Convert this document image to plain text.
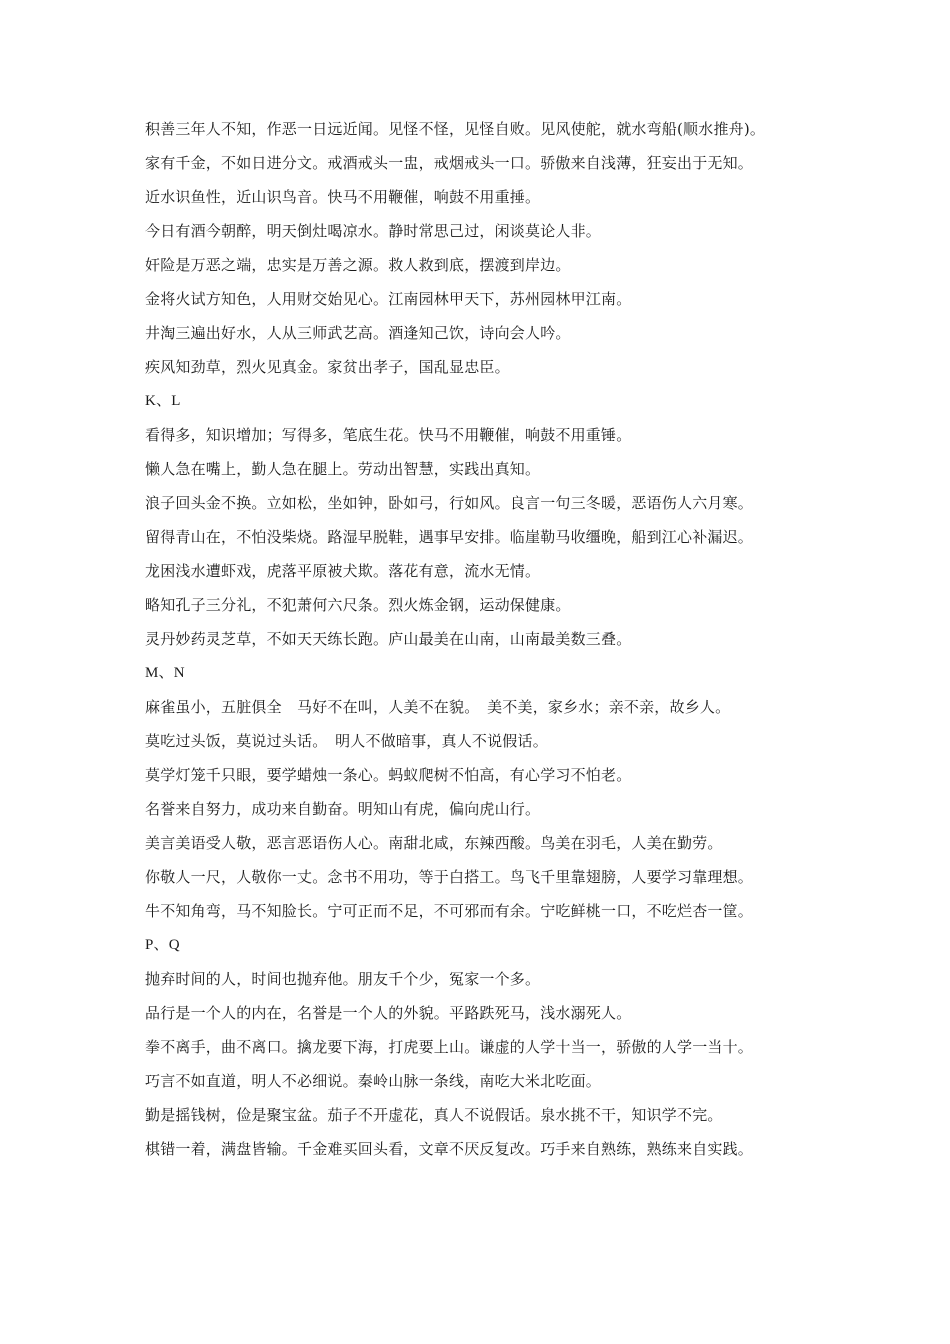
积善三年人不知，作恶一日远近闻。见怪不怪，见怪自败。见风使舵，就水弯船(顺水推舟)。

家有千金，不如日进分文。戒酒戒头一盅，戒烟戒头一口。骄傲来自浅薄，狂妄出于无知。

近水识鱼性，近山识鸟音。快马不用鞭催，响鼓不用重捶。

今日有酒今朝醉，明天倒灶喝凉水。静时常思己过，闲谈莫论人非。

奸险是万恶之端，忠实是万善之源。救人救到底，摆渡到岸边。

金将火试方知色，人用财交始见心。江南园林甲天下，苏州园林甲江南。

井淘三遍出好水，人从三师武艺高。酒逢知己饮，诗向会人吟。

疾风知劲草，烈火见真金。家贫出孝子，国乱显忠臣。

K、L

看得多，知识增加；写得多，笔底生花。快马不用鞭催，响鼓不用重锤。

懒人急在嘴上，勤人急在腿上。劳动出智慧，实践出真知。

浪子回头金不换。立如松，坐如钟，卧如弓，行如风。良言一句三冬暖，恶语伤人六月寒。

留得青山在，不怕没柴烧。路湿早脱鞋，遇事早安排。临崖勒马收缰晚，船到江心补漏迟。

龙困浅水遭虾戏，虎落平原被犬欺。落花有意，流水无情。

略知孔子三分礼，不犯萧何六尺条。烈火炼金钢，运动保健康。

灵丹妙药灵芝草，不如天天练长跑。庐山最美在山南，山南最美数三叠。

M、N

麻雀虽小，五脏俱全　马好不在叫，人美不在貌。　美不美，家乡水；亲不亲，故乡人。

莫吃过头饭，莫说过头话。　明人不做暗事，真人不说假话。

莫学灯笼千只眼，要学蜡烛一条心。蚂蚁爬树不怕高，有心学习不怕老。

名誉来自努力，成功来自勤奋。明知山有虎，偏向虎山行。

美言美语受人敬，恶言恶语伤人心。南甜北咸，东辣西酸。鸟美在羽毛，人美在勤劳。

你敬人一尺，人敬你一丈。念书不用功，等于白搭工。鸟飞千里靠翅膀，人要学习靠理想。

牛不知角弯，马不知脸长。宁可正而不足，不可邪而有余。宁吃鲜桃一口，不吃烂杏一筐。

P、Q

抛弃时间的人，时间也抛弃他。朋友千个少，冤家一个多。

品行是一个人的内在，名誉是一个人的外貌。平路跌死马，浅水溺死人。

拳不离手，曲不离口。擒龙要下海，打虎要上山。谦虚的人学十当一，骄傲的人学一当十。

巧言不如直道，明人不必细说。秦岭山脉一条线，南吃大米北吃面。

勤是摇钱树，俭是聚宝盆。茄子不开虚花，真人不说假话。泉水挑不干，知识学不完。

棋错一着，满盘皆输。千金难买回头看，文章不厌反复改。巧手来自熟练，熟练来自实践。
